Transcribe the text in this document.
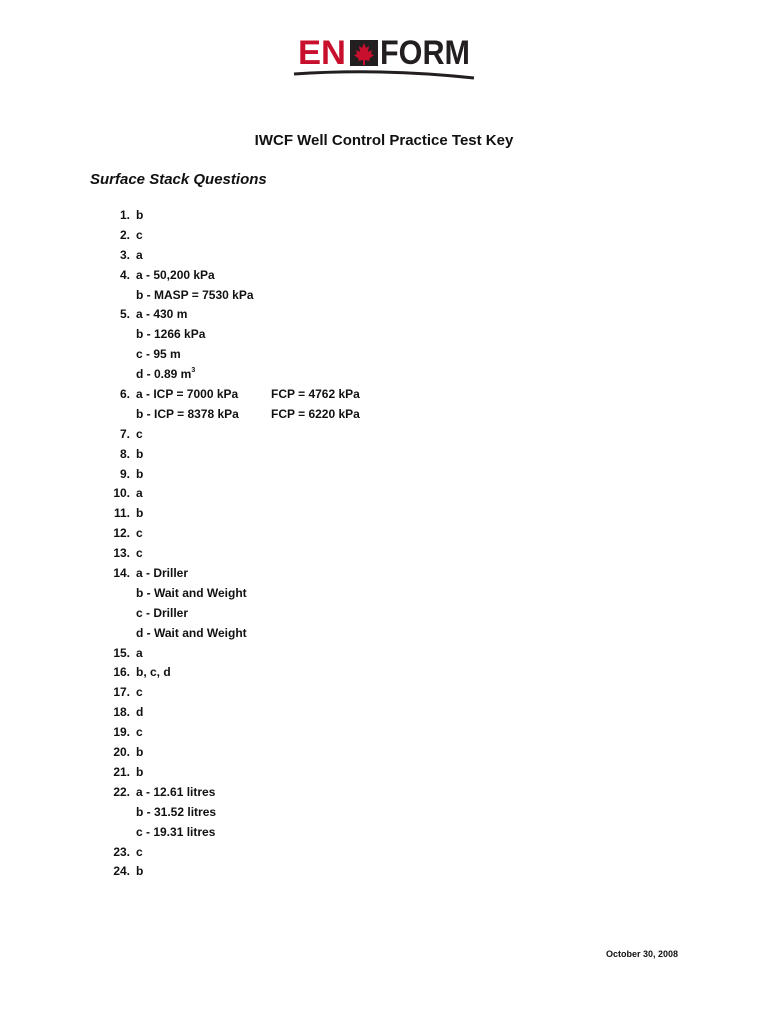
EN FORM
IWCF Well Control Practice Test Key
Surface Stack Questions
1. b
2. c
3. a
4. a - 50,200 kPa
b - MASP = 7530 kPa
5. a - 430 m
b - 1266 kPa
c - 95 m
d - 0.89 $m^3$
6. a - ICP = 7000 kPa	FCP = 4762 kPa
b - ICP = 8378 kPa	FCP = 6220 kPa
7. c
8. b
9. b
10. a
11. b
12. c
13. c
14. a - Driller
b - Wait and Weight
c - Driller
d - Wait and Weight
15. a
16. b, c, d
17. c
18. d
19. c
20. b
21. b
22. a - 12.61 litres
b - 31.52 litres
c - 19.31 litres
23. c
24. b
October 30, 2008
